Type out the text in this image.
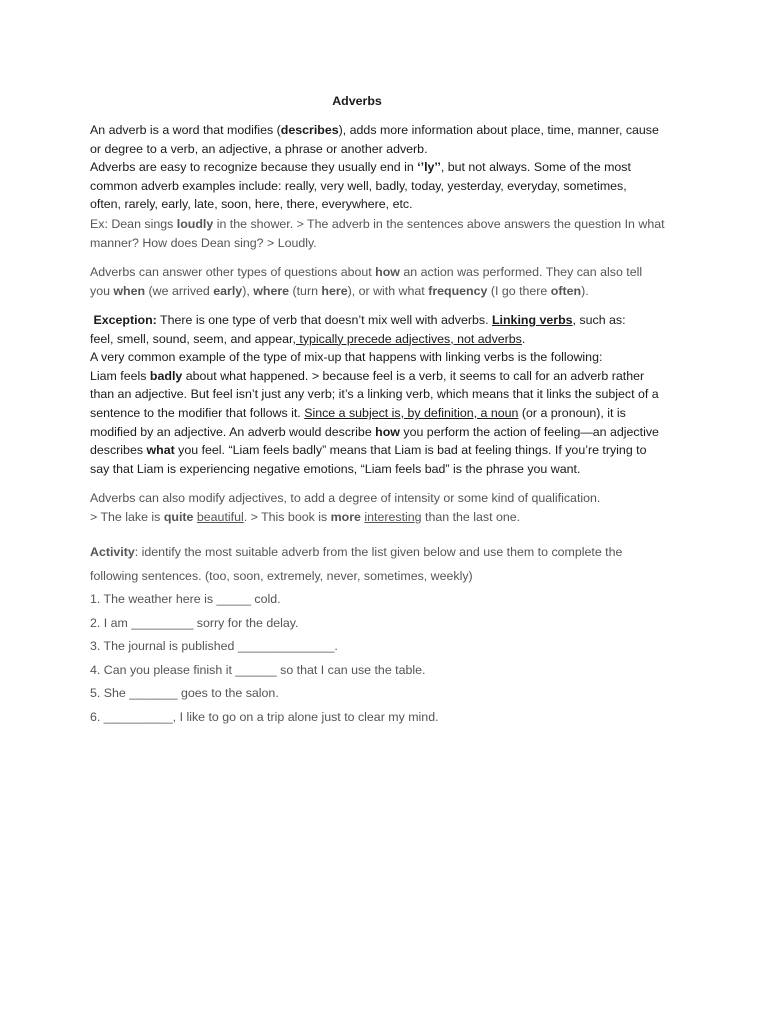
Adverbs
An adverb is a word that modifies (describes), adds more information about place, time, manner, cause
or degree to a verb, an adjective, a phrase or another adverb.
Adverbs are easy to recognize because they usually end in ‘’ly’’, but not always. Some of the most
common adverb examples include: really, very well, badly, today, yesterday, everyday, sometimes,
often, rarely, early, late, soon, here, there, everywhere, etc.
Ex: Dean sings loudly in the shower. > The adverb in the sentences above answers the question In what
manner? How does Dean sing? > Loudly.
Adverbs can answer other types of questions about how an action was performed. They can also tell
you when (we arrived early), where (turn here), or with what frequency (I go there often).
Exception: There is one type of verb that doesn’t mix well with adverbs. Linking verbs, such as:
feel, smell, sound, seem, and appear, typically precede adjectives, not adverbs.
A very common example of the type of mix-up that happens with linking verbs is the following:
Liam feels badly about what happened. > because feel is a verb, it seems to call for an adverb rather
than an adjective. But feel isn’t just any verb; it’s a linking verb, which means that it links the subject of a
sentence to the modifier that follows it. Since a subject is, by definition, a noun (or a pronoun), it is
modified by an adjective. An adverb would describe how you perform the action of feeling—an adjective
describes what you feel. “Liam feels badly” means that Liam is bad at feeling things. If you’re trying to
say that Liam is experiencing negative emotions, “Liam feels bad” is the phrase you want.
Adverbs can also modify adjectives, to add a degree of intensity or some kind of qualification.
> The lake is quite beautiful. > This book is more interesting than the last one.
Activity: identify the most suitable adverb from the list given below and use them to complete the
following sentences. (too, soon, extremely, never, sometimes, weekly)
1. The weather here is _____ cold.
2. I am _________ sorry for the delay.
3. The journal is published ______________.
4. Can you please finish it ______ so that I can use the table.
5. She _______ goes to the salon.
6. __________, I like to go on a trip alone just to clear my mind.
